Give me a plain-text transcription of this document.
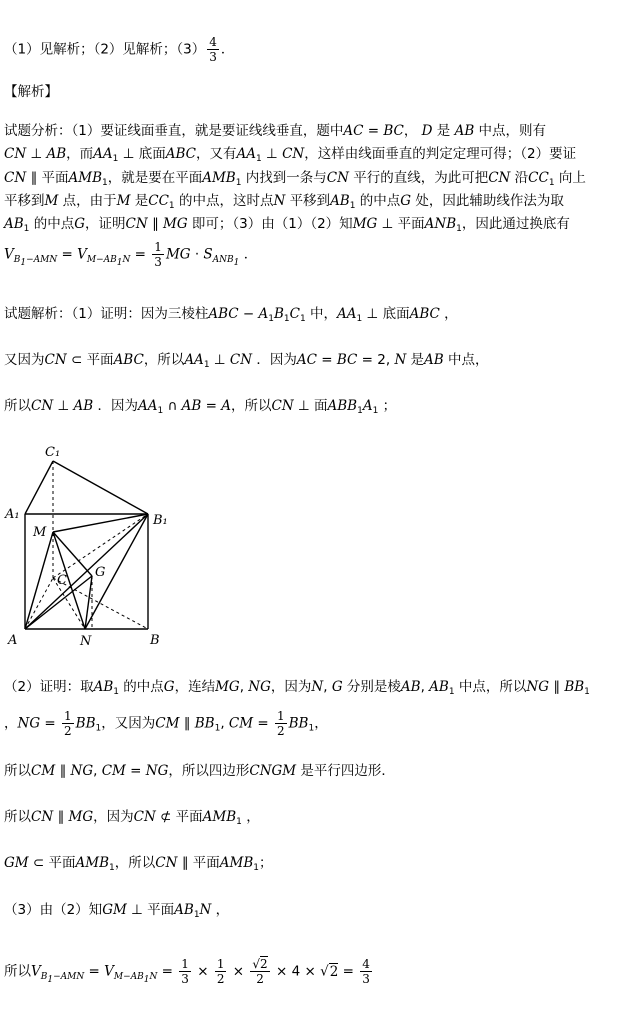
（1）见解析；（2）见解析；$(3) \frac{4}{3}$ ．
【解析】
试题分析：（1）要证线面垂直，就是要证线线垂直，题中AC = BC， D 是 AB 中点，则有
CN ⊥ AB，而$AA_1$ ⊥ 底面ABC，又有$AA_1$ ⊥ CN，这样由线面垂直的判定定理可得；（2）要证
CN ∥ 平面$AMB_1$，就是要在平面$AMB_1$ 内找到一条与CN 平行的直线，为此可把CN 沿$CC_1$ 向上
平移到M 点，由于M 是$CC_1$ 的中点，这时点N 平移到$AB_1$ 的中点G 处，因此辅助线作法为取
$AB_1$ 的中点G，证明CN ∥ MG 即可；（3）由（1）（2）知MG ⊥ 平面$ANB_1$，因此通过换底有
$V_{B_1-AMN} = V_{M-AB_1N} = \frac{1}{3}$ MG · $S_{ANB_1}$ ．
试题解析：（1）证明：因为三棱柱ABC − $A_1B_1C_1$ 中，$AA_1$ ⊥ 底面ABC ，
又因为CN ⊂ 平面ABC，所以$AA_1$ ⊥ CN ．因为AC = BC = 2, N 是AB 中点，
所以CN ⊥ AB ．因为$AA_1$ ∩ AB = A，所以CN ⊥ 面$ABB_1A_1$ ；
C₁
A₁	B₁
M
C
G
A	N	B
（2）证明：取$AB_1$ 的中点G，连结MG, NG，因为N, G 分别是棱AB, $AB_1$ 中点，所以NG ∥ $BB_1$
，NG = $\frac{1}{2} BB_1$，又因为CM ∥ $BB_1$, CM = $\frac{1}{2} BB_1$，
所以CM ∥ NG, CM = NG，所以四边形CNGM 是平行四边形．
所以CN ∥ MG，因为CN ⊄ 平面$AMB_1$ ，
GM ⊂ 平面$AMB_1$，所以CN ∥ 平面$AMB_1$；
（3）由（2）知GM ⊥ 平面$AB_1N$ ，
所以$V_{B_1-AMN} = V_{M-AB_1N} = \frac{1}{3} \times \frac{1}{2} \times \frac{√2}{2} \times 4 \times √2 = \frac{4}{3}$
